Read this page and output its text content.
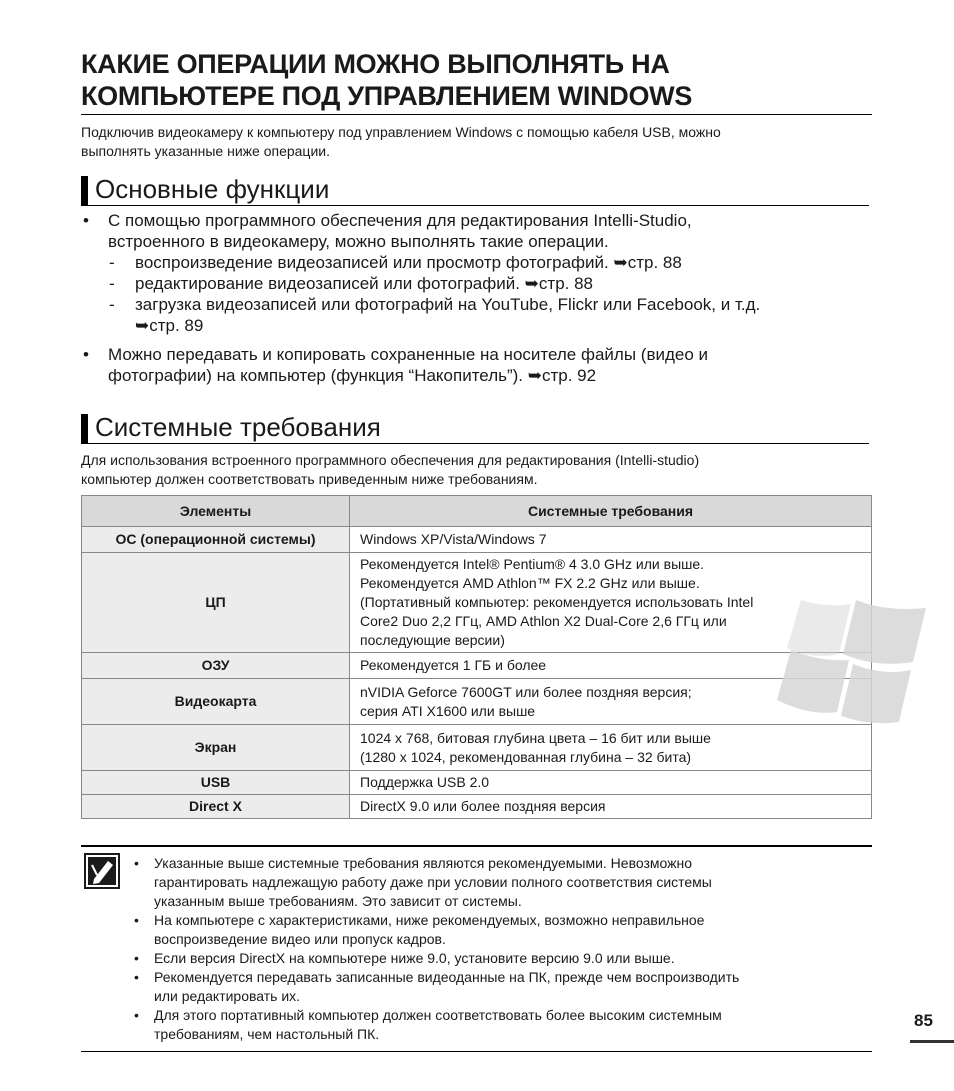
КАКИЕ ОПЕРАЦИИ МОЖНО ВЫПОЛНЯТЬ НА
КОМПЬЮТЕРЕ ПОД УПРАВЛЕНИЕМ WINDOWS
Подключив видеокамеру к компьютеру под управлением Windows с помощью кабеля USB, можно
выполнять указанные ниже операции.
Основные функции
• С помощью программного обеспечения для редактирования Intelli-Studio,
встроенного в видеокамеру, можно выполнять такие операции.
- воспроизведение видеозаписей или просмотр фотографий. ➥стр. 88
- редактирование видеозаписей или фотографий. ➥стр. 88
- загрузка видеозаписей или фотографий на YouTube, Flickr или Facebook, и т.д.
➥стр. 89
• Можно передавать и копировать сохраненные на носителе файлы (видео и
фотографии) на компьютер (функция “Накопитель”). ➥стр. 92
Системные требования
Для использования встроенного программного обеспечения для редактирования (Intelli-studio)
компьютер должен соответствовать приведенным ниже требованиям.
Элементы	Системные требования
ОС (операционной системы)	Windows XP/Vista/Windows 7

ЦП	Рекомендуется Intel® Pentium® 4 3.0 GHz или выше.
Рекомендуется AMD Athlon™ FX 2.2 GHz или выше.
(Портативный компьютер: рекомендуется использовать Intel
Core2 Duo 2,2 ГГц, AMD Athlon X2 Dual-Core 2,6 ГГц или
последующие версии)

ОЗУ	Рекомендуется 1 ГБ и более

Видеокарта	nVIDIA Geforce 7600GT или более поздняя версия;
серия ATI X1600 или выше

Экран	1024 x 768, битовая глубина цвета – 16 бит или выше
(1280 x 1024, рекомендованная глубина – 32 бита)

USB	Поддержка USB 2.0

Direct X	DirectX 9.0 или более поздняя версия
• Указанные выше системные требования являются рекомендуемыми. Невозможно
гарантировать надлежащую работу даже при условии полного соответствия системы
указанным выше требованиям. Это зависит от системы.
• На компьютере с характеристиками, ниже рекомендуемых, возможно неправильное
воспроизведение видео или пропуск кадров.
• Если версия DirectX на компьютере ниже 9.0, установите версию 9.0 или выше.
• Рекомендуется передавать записанные видеоданные на ПК, прежде чем воспроизводить
или редактировать их.
• Для этого портативный компьютер должен соответствовать более высоким системным
требованиям, чем настольный ПК.
85
